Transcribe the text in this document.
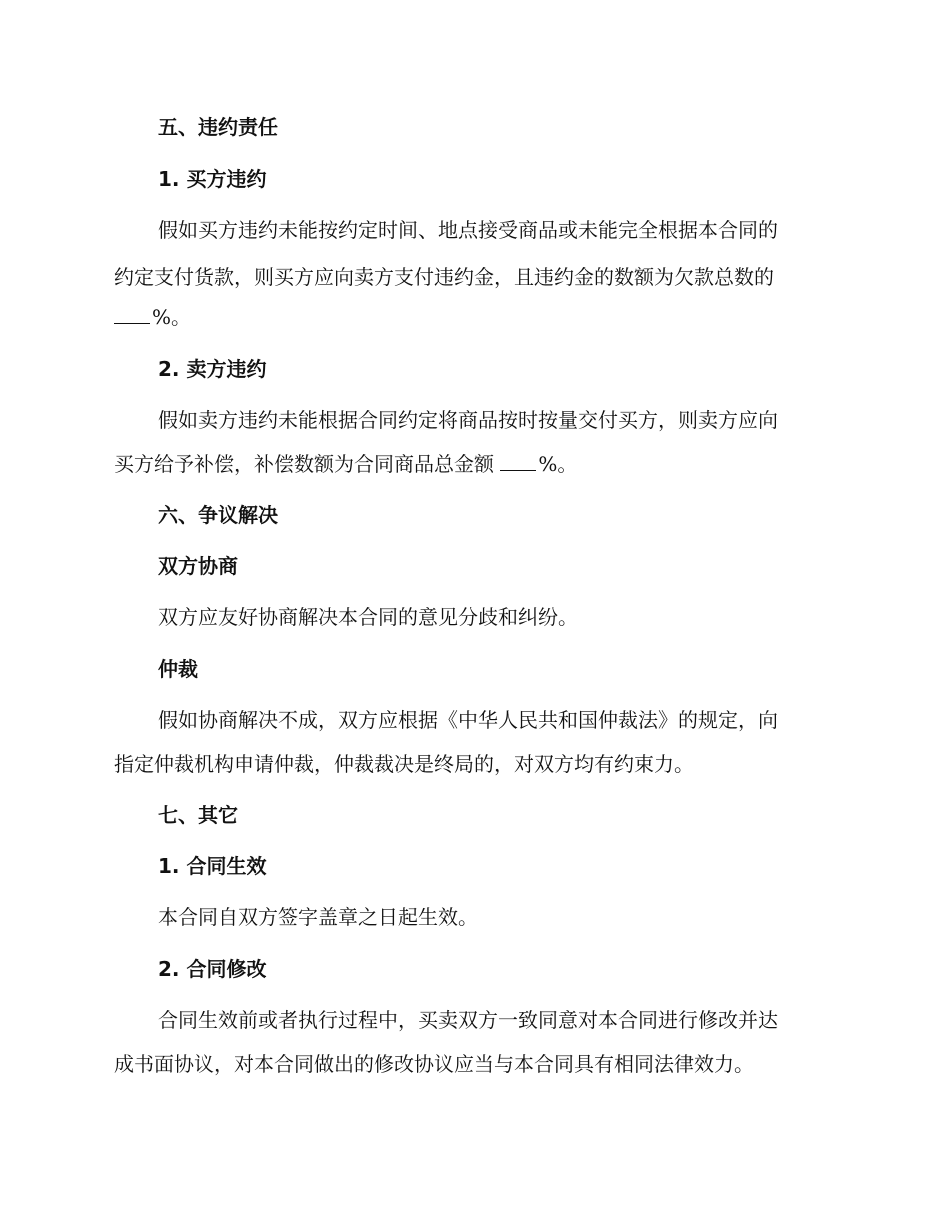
五、违约责任
1. 买方违约
假如买方违约未能按约定时间、地点接受商品或未能完全根据本合同的
约定支付货款，则买方应向卖方支付违约金，且违约金的数额为欠款总数的
%。
2. 卖方违约
假如卖方违约未能根据合同约定将商品按时按量交付买方，则卖方应向
买方给予补偿，补偿数额为合同商品总金额 %。
六、争议解决
双方协商
双方应友好协商解决本合同的意见分歧和纠纷。
仲裁
假如协商解决不成，双方应根据《中华人民共和国仲裁法》的规定，向
指定仲裁机构申请仲裁，仲裁裁决是终局的，对双方均有约束力。
七、其它
1. 合同生效
本合同自双方签字盖章之日起生效。
2. 合同修改
合同生效前或者执行过程中，买卖双方一致同意对本合同进行修改并达
成书面协议，对本合同做出的修改协议应当与本合同具有相同法律效力。
